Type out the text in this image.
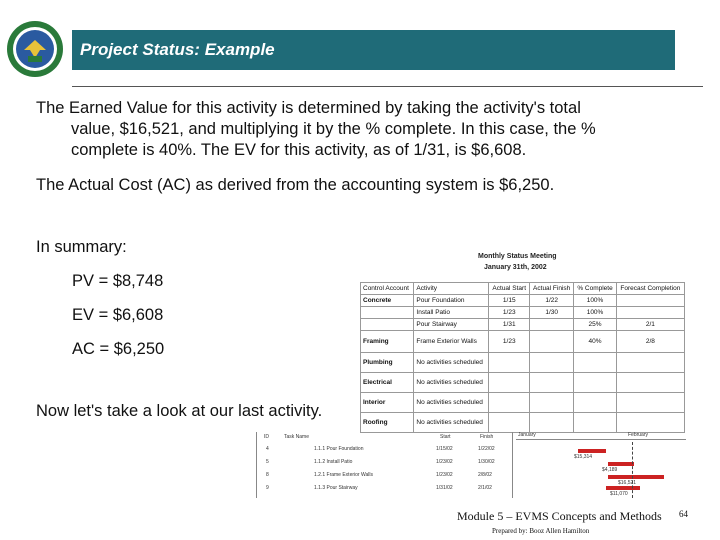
Project Status: Example
The Earned Value for this activity is determined by taking the activity's total
value, $16,521, and multiplying it by the % complete. In this case, the %
complete is 40%. The EV for this activity, as of 1/31, is $6,608.
The Actual Cost (AC) as derived from the accounting system is $6,250.
In summary:
PV = $8,748
EV = $6,608
AC = $6,250
Now let's take a look at our last activity.
Monthly Status Meeting
January 31th, 2002
Control Account	Activity	Actual Start	Actual Finish	% Complete	Forecast Completion
Concrete	Pour Foundation	1/15	1/22	100%	
	Install Patio	1/23	1/30	100%	
	Pour Stairway	1/31		25%	2/1
Framing	Frame Exterior Walls	1/23		40%	2/8
Plumbing	No activities scheduled				
Electrical	No activities scheduled				
Interior	No activities scheduled				
Roofing	No activities scheduled				
ID	Task Name	Start	Finish
4	1.1.1 Pour Foundation	1/15/02	1/22/02
5	1.1.2 Install Patio	1/23/02	1/30/02
8	1.2.1 Frame Exterior Walls	1/23/02	2/8/02
9	1.1.3 Pour Stairway	1/31/02	2/1/02
January	February
$15,314
$4,189
$16,521
$11,070
Module 5 – EVMS Concepts and Methods
Prepared by: Booz Allen Hamilton
64
